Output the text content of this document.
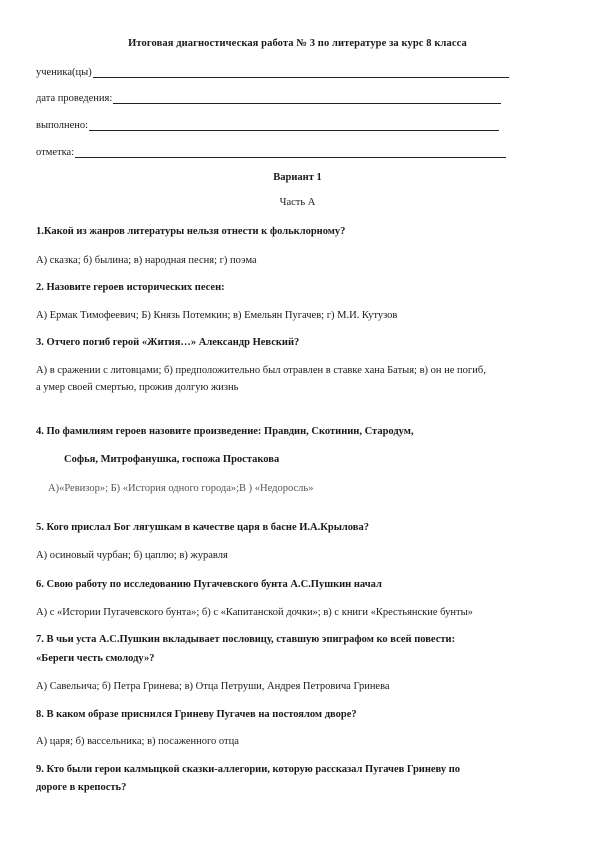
Итоговая диагностическая работа № 3 по литературе за курс 8 класса
ученика(цы)
дата проведения:
выполнено:
отметка:
Вариант 1
Часть А
1.Какой из жанров литературы нельзя отнести к фольклорному?
А) сказка; б) былина; в) народная песня; г) поэма
2. Назовите героев исторических песен:
А) Ермак Тимофеевич; Б) Князь Потемкин; в) Емельян Пугачев; г) М.И. Кутузов
3. Отчего погиб герой «Жития…» Александр Невский?
А) в сражении с литовцами; б) предположительно был отравлен в ставке хана Батыя; в) он не погиб,
а умер своей смертью, прожив долгую жизнь
4. По фамилиям героев назовите произведение: Правдин, Скотинин, Стародум,
Софья, Митрофанушка, госпожа Простакова
А)«Ревизор»; Б) «История одного города»;В ) «Недоросль»
5. Кого прислал Бог лягушкам в качестве царя в басне И.А.Крылова?
А) осиновый чурбан; б) цаплю; в) журавля
6. Свою работу по исследованию Пугачевского бунта А.С.Пушкин начал
А) с «Истории Пугачевского бунта»; б) с «Капитанской дочки»; в) с книги «Крестьянские бунты»
7. В чьи уста А.С.Пушкин вкладывает пословицу, ставшую эпиграфом ко всей повести:
«Береги честь смолоду»?
А) Савельича; б) Петра Гринева; в) Отца Петруши, Андрея Петровича Гринева
8. В каком образе приснился Гриневу Пугачев на постоялом дворе?
А) царя; б) вассельника; в) посаженного отца
9. Кто были герои калмыцкой сказки-аллегории, которую рассказал Пугачев Гриневу по
дороге в крепость?
